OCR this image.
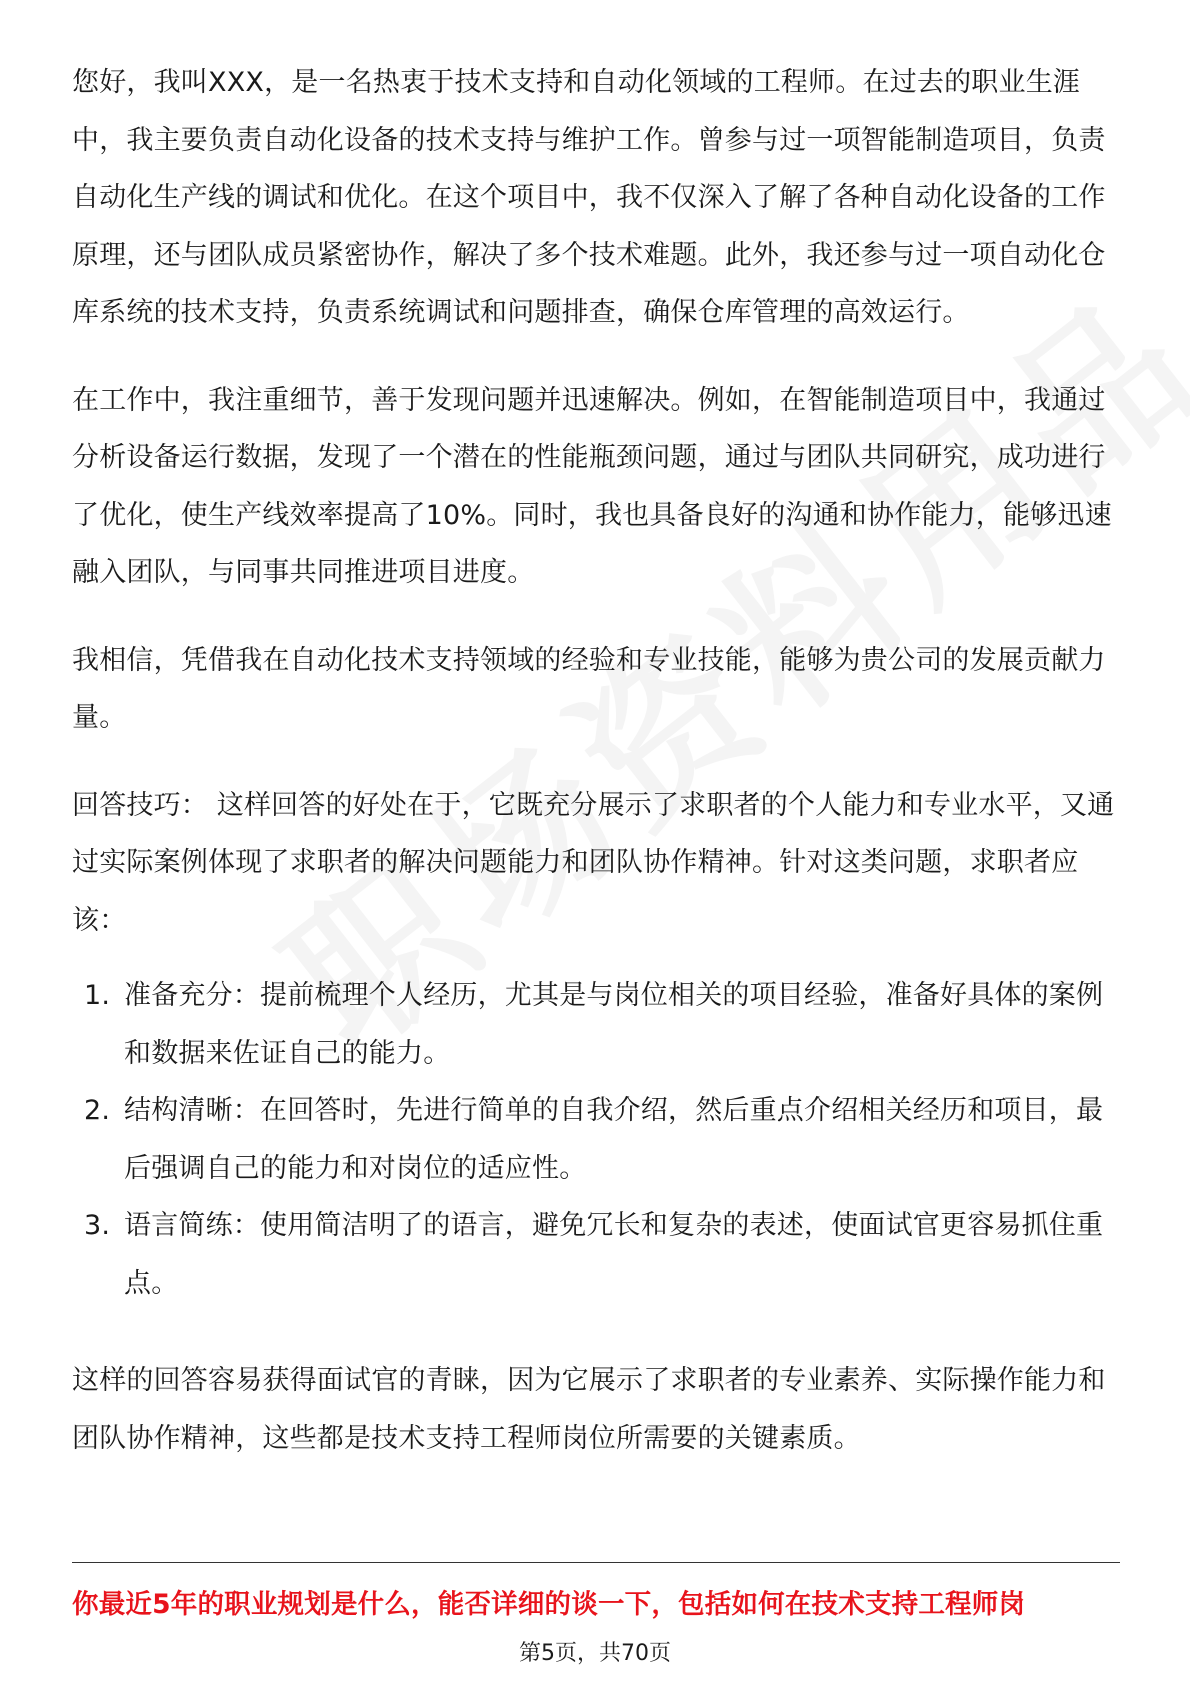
您好，我叫XXX，是一名热衷于技术支持和自动化领域的工程师。在过去的职业生涯中，我主要负责自动化设备的技术支持与维护工作。曾参与过一项智能制造项目，负责自动化生产线的调试和优化。在这个项目中，我不仅深入了解了各种自动化设备的工作原理，还与团队成员紧密协作，解决了多个技术难题。此外，我还参与过一项自动化仓库系统的技术支持，负责系统调试和问题排查，确保仓库管理的高效运行。

在工作中，我注重细节，善于发现问题并迅速解决。例如，在智能制造项目中，我通过分析设备运行数据，发现了一个潜在的性能瓶颈问题，通过与团队共同研究，成功进行了优化，使生产线效率提高了10%。同时，我也具备良好的沟通和协作能力，能够迅速融入团队，与同事共同推进项目进度。

我相信，凭借我在自动化技术支持领域的经验和专业技能，能够为贵公司的发展贡献力量。

回答技巧： 这样回答的好处在于，它既充分展示了求职者的个人能力和专业水平，又通过实际案例体现了求职者的解决问题能力和团队协作精神。针对这类问题，求职者应该：

1. 准备充分：提前梳理个人经历，尤其是与岗位相关的项目经验，准备好具体的案例和数据来佐证自己的能力。
2. 结构清晰：在回答时，先进行简单的自我介绍，然后重点介绍相关经历和项目，最后强调自己的能力和对岗位的适应性。
3. 语言简练：使用简洁明了的语言，避免冗长和复杂的表述，使面试官更容易抓住重点。

这样的回答容易获得面试官的青睐，因为它展示了求职者的专业素养、实际操作能力和团队协作精神，这些都是技术支持工程师岗位所需要的关键素质。

你最近5年的职业规划是什么，能否详细的谈一下，包括如何在技术支持工程师岗
第5页，共70页
